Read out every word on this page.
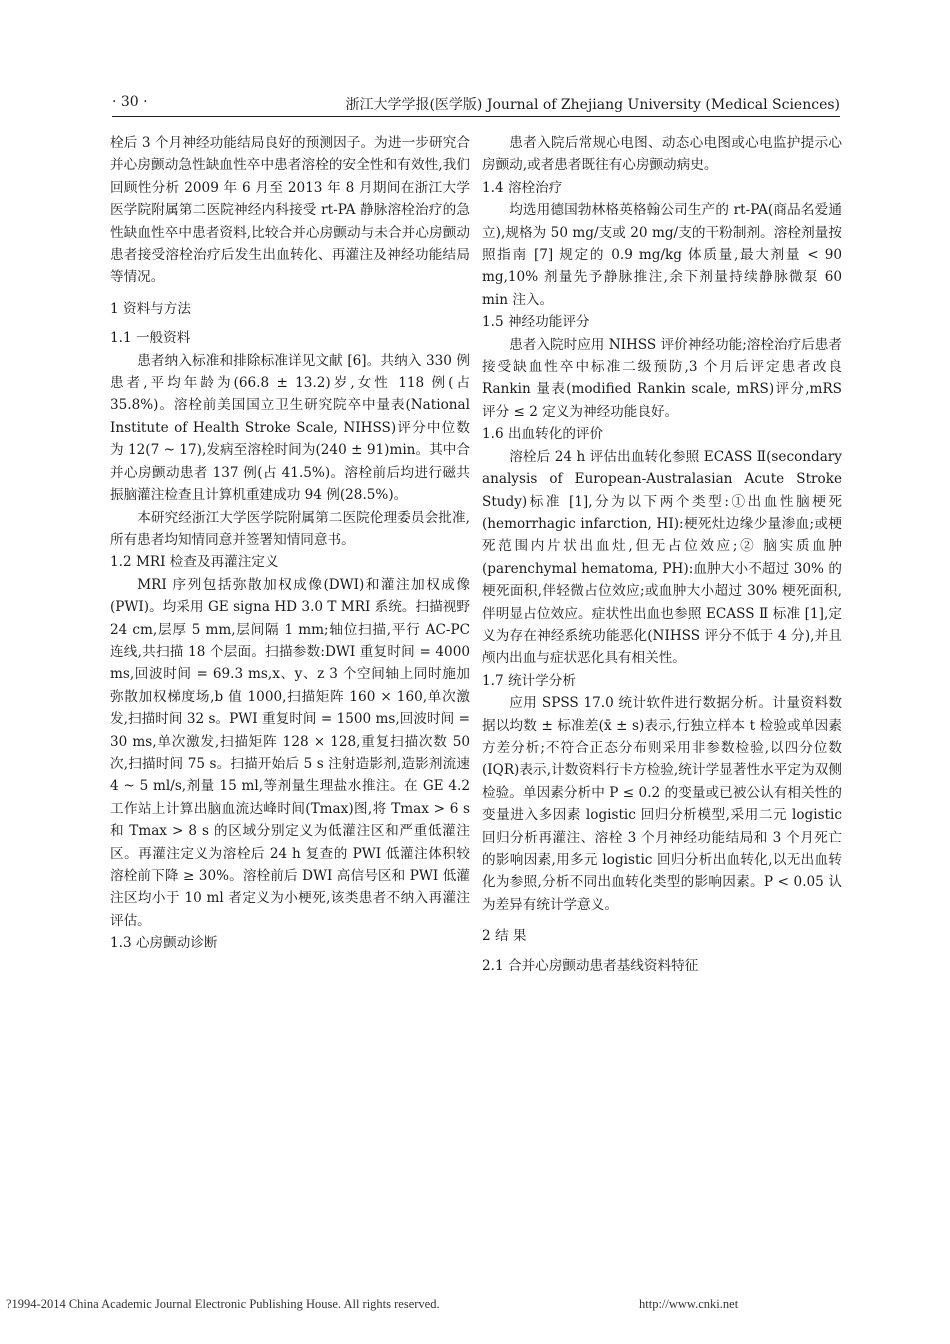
· 30 ·	浙江大学学报(医学版) Journal of Zhejiang University (Medical Sciences)

栓后 3 个月神经功能结局良好的预测因子。为进一步研究合并心房颤动急性缺血性卒中患者溶栓的安全性和有效性,我们回顾性分析 2009 年 6 月至 2013 年 8 月期间在浙江大学医学院附属第二医院神经内科接受 rt-PA 静脉溶栓治疗的急性缺血性卒中患者资料,比较合并心房颤动与未合并心房颤动患者接受溶栓治疗后发生出血转化、再灌注及神经功能结局等情况。

1 资料与方法

1.1 一般资料

患者纳入标准和排除标准详见文献 [6]。共纳入 330 例患者,平均年龄为(66.8 ± 13.2)岁,女性 118 例(占 35.8%)。溶栓前美国国立卫生研究院卒中量表(National Institute of Health Stroke Scale, NIHSS)评分中位数为 12(7 ~ 17),发病至溶栓时间为(240 ± 91)min。其中合并心房颤动患者 137 例(占 41.5%)。溶栓前后均进行磁共振脑灌注检查且计算机重建成功 94 例(28.5%)。

本研究经浙江大学医学院附属第二医院伦理委员会批准,所有患者均知情同意并签署知情同意书。

1.2 MRI 检查及再灌注定义

MRI 序列包括弥散加权成像(DWI)和灌注加权成像(PWI)。均采用 GE signa HD 3.0 T MRI 系统。扫描视野 24 cm,层厚 5 mm,层间隔 1 mm;轴位扫描,平行 AC-PC 连线,共扫描 18 个层面。扫描参数:DWI 重复时间 = 4000 ms,回波时间 = 69.3 ms,x、y、z 3 个空间轴上同时施加弥散加权梯度场,b 值 1000,扫描矩阵 160 × 160,单次激发,扫描时间 32 s。PWI 重复时间 = 1500 ms,回波时间 = 30 ms,单次激发,扫描矩阵 128 × 128,重复扫描次数 50 次,扫描时间 75 s。扫描开始后 5 s 注射造影剂,造影剂流速 4 ~ 5 ml/s,剂量 15 ml,等剂量生理盐水推注。在 GE 4.2 工作站上计算出脑血流达峰时间(Tmax)图,将 Tmax > 6 s 和 Tmax > 8 s 的区域分别定义为低灌注区和严重低灌注区。再灌注定义为溶栓后 24 h 复查的 PWI 低灌注体积较溶栓前下降 ≥ 30%。溶栓前后 DWI 高信号区和 PWI 低灌注区均小于 10 ml 者定义为小梗死,该类患者不纳入再灌注评估。

1.3 心房颤动诊断

患者入院后常规心电图、动态心电图或心电监护提示心房颤动,或者患者既往有心房颤动病史。

1.4 溶栓治疗

均选用德国勃林格英格翰公司生产的 rt-PA(商品名爱通立),规格为 50 mg/支或 20 mg/支的干粉制剂。溶栓剂量按照指南 [7] 规定的 0.9 mg/kg 体质量,最大剂量 < 90 mg,10% 剂量先予静脉推注,余下剂量持续静脉微泵 60 min 注入。

1.5 神经功能评分

患者入院时应用 NIHSS 评价神经功能;溶栓治疗后患者接受缺血性卒中标准二级预防,3 个月后评定患者改良 Rankin 量表(modified Rankin scale, mRS)评分,mRS 评分 ≤ 2 定义为神经功能良好。

1.6 出血转化的评价

溶栓后 24 h 评估出血转化参照 ECASS Ⅱ(secondary analysis of European-Australasian Acute Stroke Study)标准 [1],分为以下两个类型:①出血性脑梗死(hemorrhagic infarction, HI):梗死灶边缘少量渗血;或梗死范围内片状出血灶,但无占位效应;② 脑实质血肿(parenchymal hematoma, PH):血肿大小不超过 30% 的梗死面积,伴轻微占位效应;或血肿大小超过 30% 梗死面积,伴明显占位效应。症状性出血也参照 ECASS Ⅱ 标准 [1],定义为存在神经系统功能恶化(NIHSS 评分不低于 4 分),并且颅内出血与症状恶化具有相关性。

1.7 统计学分析

应用 SPSS 17.0 统计软件进行数据分析。计量资料数据以均数 ± 标准差(x̄ ± s)表示,行独立样本 t 检验或单因素方差分析;不符合正态分布则采用非参数检验,以四分位数(IQR)表示,计数资料行卡方检验,统计学显著性水平定为双侧检验。单因素分析中 P ≤ 0.2 的变量或已被公认有相关性的变量进入多因素 logistic 回归分析模型,采用二元 logistic 回归分析再灌注、溶栓 3 个月神经功能结局和 3 个月死亡的影响因素,用多元 logistic 回归分析出血转化,以无出血转化为参照,分析不同出血转化类型的影响因素。P < 0.05 认为差异有统计学意义。

2 结 果

2.1 合并心房颤动患者基线资料特征

?1994-2014 China Academic Journal Electronic Publishing House. All rights reserved.	http://www.cnki.net
